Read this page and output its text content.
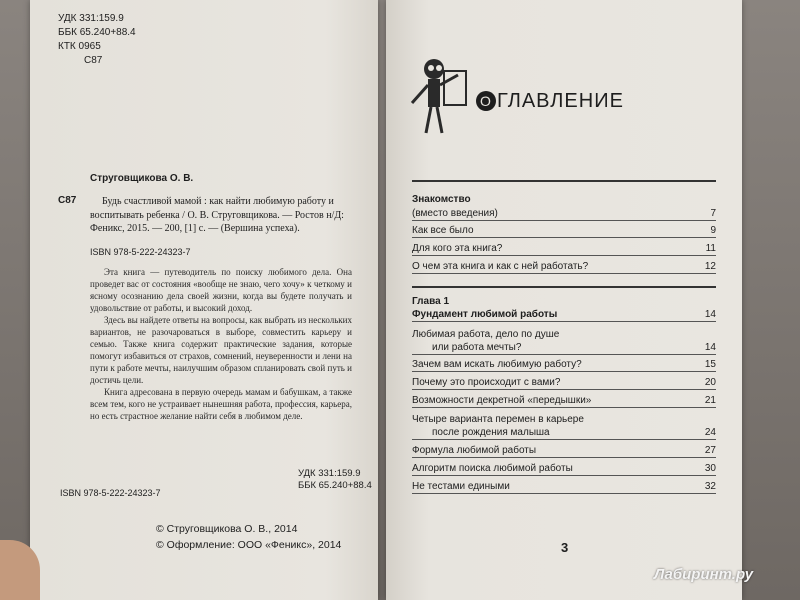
УДК 331:159.9
ББК 65.240+88.4
КТК 0965
С87
Струговщикова О. В.
С87	Будь счастливой мамой : как найти любимую работу и воспитывать ребенка / О. В. Струговщикова. — Ростов н/Д: Феникс, 2015. — 200, [1] с. — (Вершина успеха).
ISBN 978-5-222-24323-7

Эта книга — путеводитель по поиску любимого дела. Она проведет вас от состояния «вообще не знаю, чего хочу» к четкому и ясному осознанию дела своей жизни, когда вы будете получать и удовольствие от работы, и высокий доход.

Здесь вы найдете ответы на вопросы, как выбрать из нескольких вариантов, не разочароваться в выборе, совместить карьеру и семью. Также книга содержит практические задания, которые помогут избавиться от страхов, сомнений, неуверенности и лени на пути к работе мечты, наилучшим образом спланировать свой путь и достичь цели.

Книга адресована в первую очередь мамам и бабушкам, а также всем тем, кого не устраивает нынешняя работа, профессия, карьера, но есть страстное желание найти себя в любимом деле.

УДК 331:159.9
ББК 65.240+88.4
ISBN 978-5-222-24323-7
© Струговщикова О. В., 2014
© Оформление: ООО «Феникс», 2014
О ГЛАВЛЕНИЕ
Знакомство
(вместо введения)	7
Как все было	9
Для кого эта книга?	11
О чем эта книга и как с ней работать?	12
Глава 1
Фундамент любимой работы	14
Любимая работа, дело по душе
или работа мечты?	14
Зачем вам искать любимую работу?	15
Почему это происходит с вами?	20
Возможности декретной «передышки»	21
Четыре варианта перемен в карьере
после рождения малыша	24
Формула любимой работы	27
Алгоритм поиска любимой работы	30
Не тестами едиными	32
3
Лабиринт.ру
